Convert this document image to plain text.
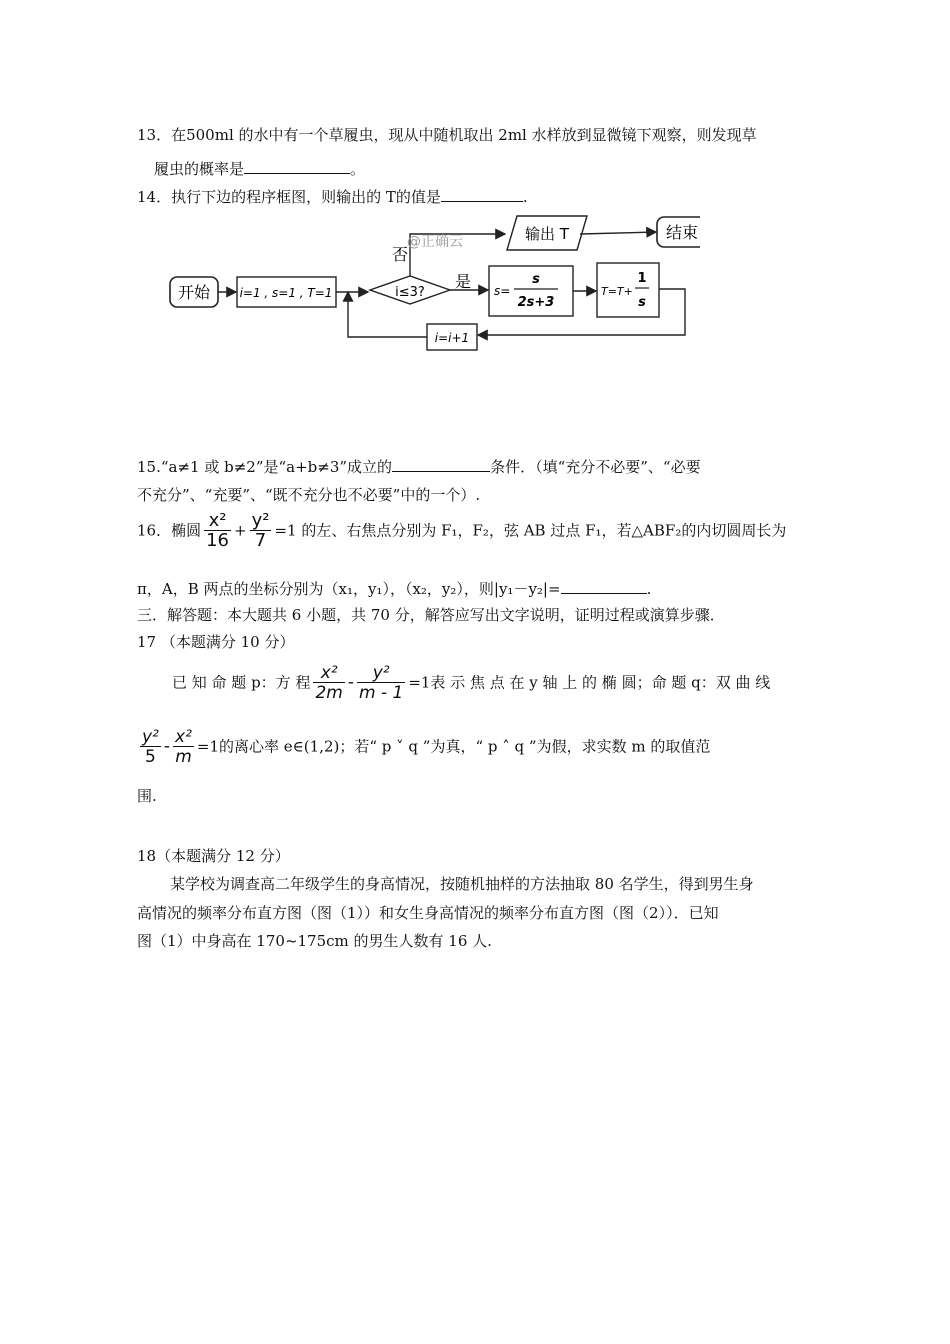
13．在500ml 的水中有一个草履虫，现从中随机取出 2ml 水样放到显微镜下观察，则发现草
履虫的概率是	。
14．执行下边的程序框图，则输出的 T的值是	.
开始 i=1 , s=1 , T=1	i≤3?
是 s=
s
2s+3
T=T+
1
s
i=i+1
否
@正确云	输出 T	结束
15.“a≠1 或 b≠2”是“a+b≠3”成立的	条件．（填“充分不必要”、“必要
不充分”、“充要”、“既不充分也不必要”中的一个）.
16．椭圆 $\frac{\text{x²}}{16} + \frac{\text{y²}}{7} =1$ 的左、右焦点分别为 F₁，F₂，弦 AB 过点 F₁，若△ABF₂的内切圆周长为
π，A，B 两点的坐标分别为（x₁，y₁），（x₂，y₂），则|y₁－y₂|=	.
三．解答题：本大题共 6 小题，共 70 分，解答应写出文字说明，证明过程或演算步骤．
17 （本题满分 10 分）
已 知 命 题 p：方 程 $\frac{\text{x²}}{2m} - \frac{\text{y²}}{m - 1} =1$表 示 焦 点 在 y 轴 上 的 椭 圆；命 题 q：双 曲 线
$\frac{\text{y²}}{5} - \frac{\text{x²}}{m} =1$的离心率 e∈(1,2)；若“ p ˅ q ”为真，“ p ˄ q ”为假，求实数 m 的取值范
围.
18（本题满分 12 分）
某学校为调查高二年级学生的身高情况，按随机抽样的方法抽取 80 名学生，得到男生身
高情况的频率分布直方图（图（1））和女生身高情况的频率分布直方图（图（2））．已知
图（1）中身高在 170~175cm 的男生人数有 16 人.
